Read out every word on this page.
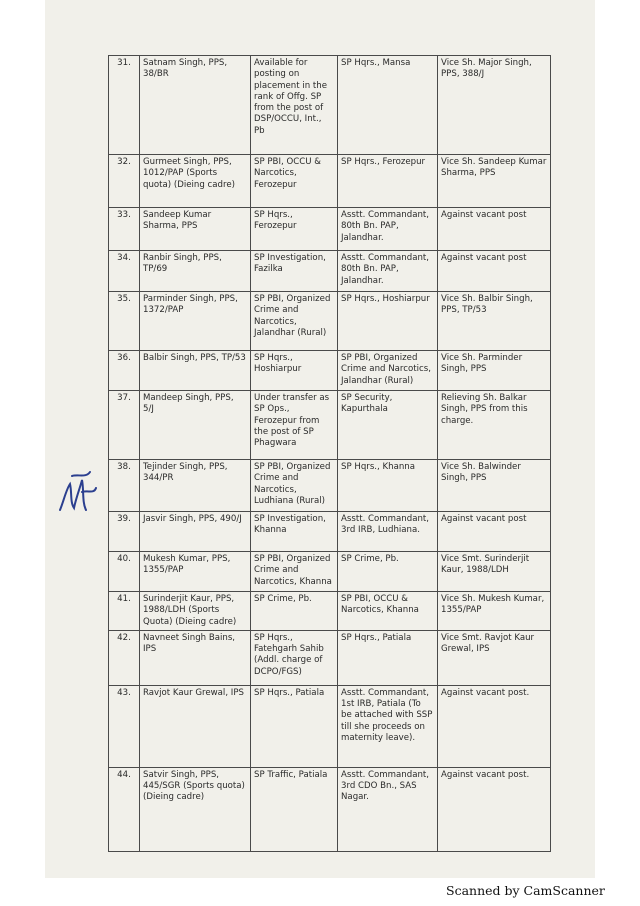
31.	Satnam Singh, PPS, 38/BR	Available for posting on placement in the rank of Offg. SP from the post of DSP/OCCU, Int., Pb	SP Hqrs., Mansa	Vice Sh. Major Singh, PPS, 388/J
32.	Gurmeet Singh, PPS, 1012/PAP (Sports quota) (Dieing cadre)	SP PBI, OCCU & Narcotics, Ferozepur	SP Hqrs., Ferozepur	Vice Sh. Sandeep Kumar Sharma, PPS
33.	Sandeep Kumar Sharma, PPS	SP Hqrs., Ferozepur	Asstt. Commandant, 80th Bn. PAP, Jalandhar.	Against vacant post
34.	Ranbir Singh, PPS, TP/69	SP Investigation, Fazilka	Asstt. Commandant, 80th Bn. PAP, Jalandhar.	Against vacant post
35.	Parminder Singh, PPS, 1372/PAP	SP PBI, Organized Crime and Narcotics, Jalandhar (Rural)	SP Hqrs., Hoshiarpur	Vice Sh. Balbir Singh, PPS, TP/53
36.	Balbir Singh, PPS, TP/53	SP Hqrs., Hoshiarpur	SP PBI, Organized Crime and Narcotics, Jalandhar (Rural)	Vice Sh. Parminder Singh, PPS
37.	Mandeep Singh, PPS, 5/J	Under transfer as SP Ops., Ferozepur from the post of SP Phagwara	SP Security, Kapurthala	Relieving Sh. Balkar Singh, PPS from this charge.
38.	Tejinder Singh, PPS, 344/PR	SP PBI, Organized Crime and Narcotics, Ludhiana (Rural)	SP Hqrs., Khanna	Vice Sh. Balwinder Singh, PPS
39.	Jasvir Singh, PPS, 490/J	SP Investigation, Khanna	Asstt. Commandant, 3rd IRB, Ludhiana.	Against vacant post
40.	Mukesh Kumar, PPS, 1355/PAP	SP PBI, Organized Crime and Narcotics, Khanna	SP Crime, Pb.	Vice Smt. Surinderjit Kaur, 1988/LDH
41.	Surinderjit Kaur, PPS, 1988/LDH (Sports Quota) (Dieing cadre)	SP Crime, Pb.	SP PBI, OCCU & Narcotics, Khanna	Vice Sh. Mukesh Kumar, 1355/PAP
42.	Navneet Singh Bains, IPS	SP Hqrs., Fatehgarh Sahib (Addl. charge of DCPO/FGS)	SP Hqrs., Patiala	Vice Smt. Ravjot Kaur Grewal, IPS
43.	Ravjot Kaur Grewal, IPS	SP Hqrs., Patiala	Asstt. Commandant, 1st IRB, Patiala (To be attached with SSP till she proceeds on maternity leave).	Against vacant post.
44.	Satvir Singh, PPS, 445/SGR (Sports quota) (Dieing cadre)	SP Traffic, Patiala	Asstt. Commandant, 3rd CDO Bn., SAS Nagar.	Against vacant post.
Scanned by CamScanner
